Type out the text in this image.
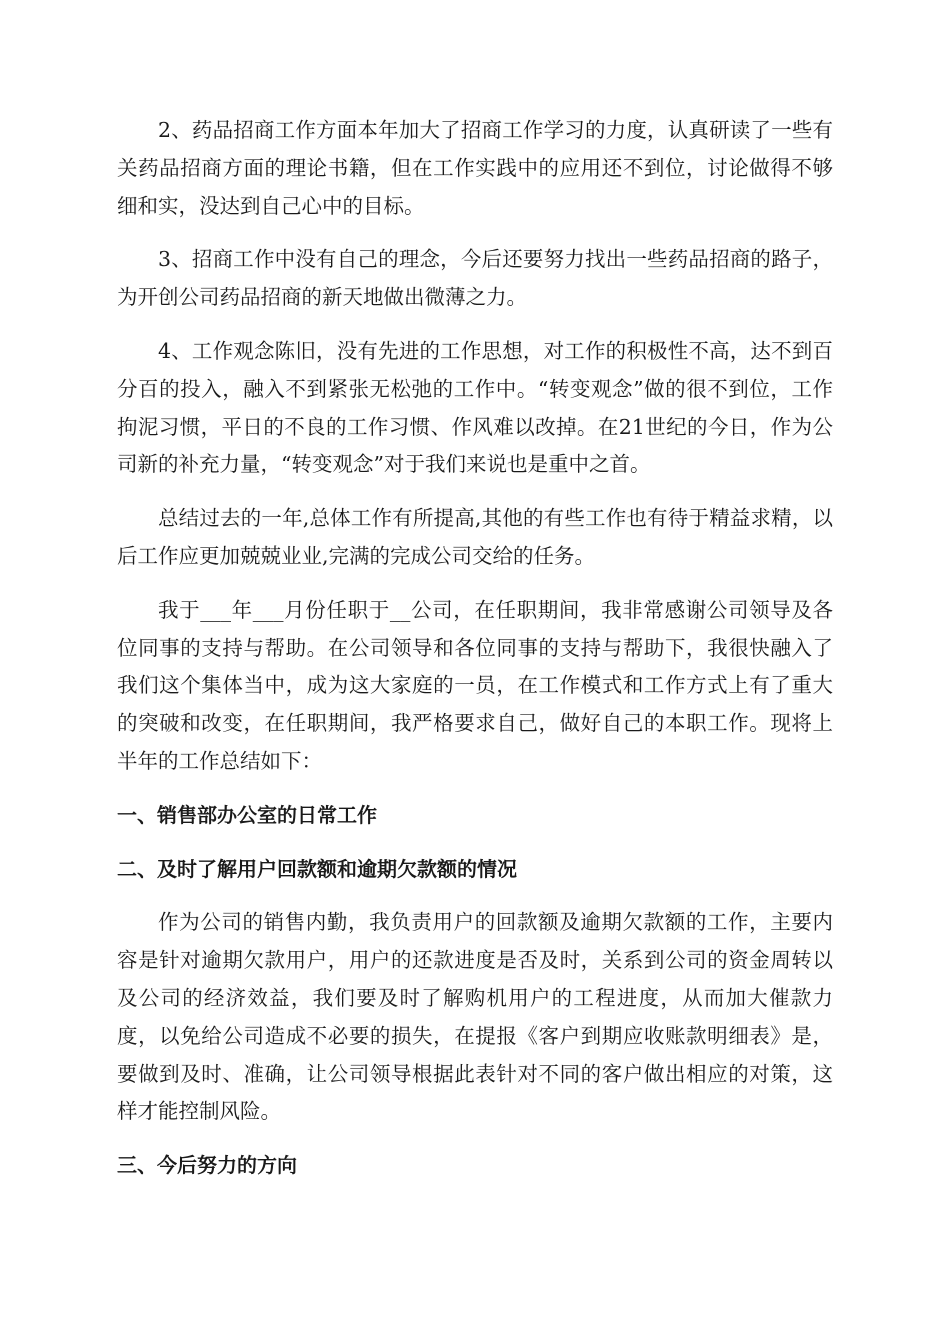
2、药品招商工作方面本年加大了招商工作学习的力度，认真研读了一些有关药品招商方面的理论书籍，但在工作实践中的应用还不到位，讨论做得不够细和实，没达到自己心中的目标。

3、招商工作中没有自己的理念，今后还要努力找出一些药品招商的路子，为开创公司药品招商的新天地做出微薄之力。

4、工作观念陈旧，没有先进的工作思想，对工作的积极性不高，达不到百分百的投入，融入不到紧张无松弛的工作中。“转变观念”做的很不到位，工作拘泥习惯，平日的不良的工作习惯、作风难以改掉。在21世纪的今日，作为公司新的补充力量，“转变观念”对于我们来说也是重中之首。

总结过去的一年,总体工作有所提高,其他的有些工作也有待于精益求精，以后工作应更加兢兢业业,完满的完成公司交给的任务。

我于___年___月份任职于__公司，在任职期间，我非常感谢公司领导及各位同事的支持与帮助。在公司领导和各位同事的支持与帮助下，我很快融入了我们这个集体当中，成为这大家庭的一员，在工作模式和工作方式上有了重大的突破和改变，在任职期间，我严格要求自己，做好自己的本职工作。现将上半年的工作总结如下：

一、销售部办公室的日常工作

二、及时了解用户回款额和逾期欠款额的情况

作为公司的销售内勤，我负责用户的回款额及逾期欠款额的工作，主要内容是针对逾期欠款用户，用户的还款进度是否及时，关系到公司的资金周转以及公司的经济效益，我们要及时了解购机用户的工程进度，从而加大催款力度，以免给公司造成不必要的损失，在提报《客户到期应收账款明细表》是，要做到及时、准确，让公司领导根据此表针对不同的客户做出相应的对策，这样才能控制风险。

三、今后努力的方向
